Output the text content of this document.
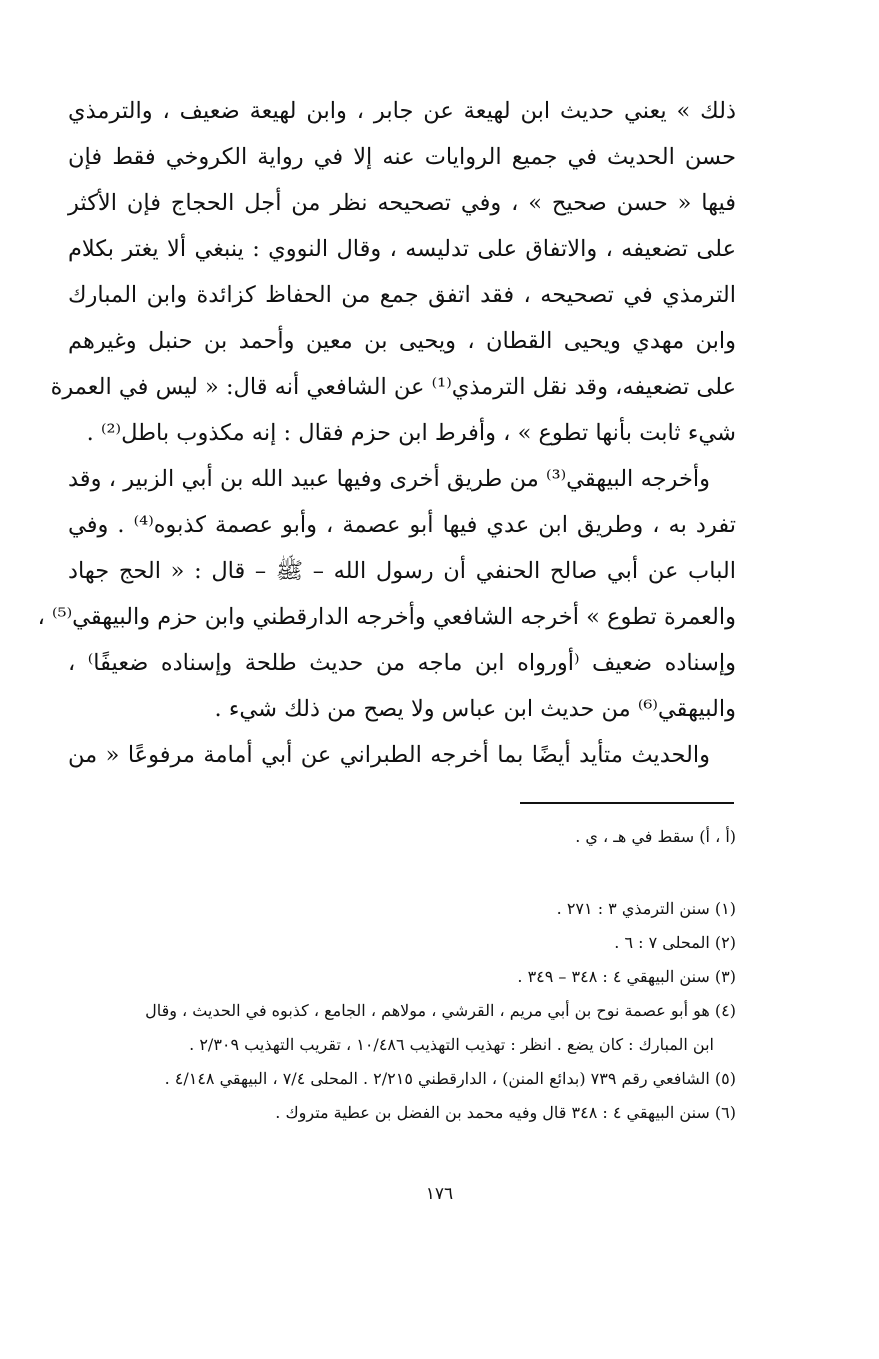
ذلك » يعني حديث ابن لهيعة عن جابر ، وابن لهيعة ضعيف ، والترمذي
حسن الحديث في جميع الروايات عنه إلا في رواية الكروخي فقط فإن
فيها « حسن صحيح » ، وفي تصحيحه نظر من أجل الحجاج فإن الأكثر
على تضعيفه ، والاتفاق على تدليسه ، وقال النووي : ينبغي ألا يغتر بكلام
الترمذي في تصحيحه ، فقد اتفق جمع من الحفاظ كزائدة وابن المبارك
وابن مهدي ويحيى القطان ، ويحيى بن معين وأحمد بن حنبل وغيرهم
على تضعيفه، وقد نقل الترمذي⁽¹⁾ عن الشافعي أنه قال: « ليس في العمرة
شيء ثابت بأنها تطوع » ، وأفرط ابن حزم فقال : إنه مكذوب باطل⁽²⁾ .
وأخرجه البيهقي⁽³⁾ من طريق أخرى وفيها عبيد الله بن أبي الزبير ، وقد
تفرد به ، وطريق ابن عدي فيها أبو عصمة ، وأبو عصمة كذبوه⁽⁴⁾ . وفي
الباب عن أبي صالح الحنفي أن رسول الله – ﷺ – قال : « الحج جهاد
والعمرة تطوع » أخرجه الشافعي وأخرجه الدارقطني وابن حزم والبيهقي⁽⁵⁾ ،
وإسناده ضعيف ⁽أورواه ابن ماجه من حديث طلحة وإسناده ضعيفًا⁾ ،
والبيهقي⁽⁶⁾ من حديث ابن عباس ولا يصح من ذلك شيء .
والحديث متأيد أيضًا بما أخرجه الطبراني عن أبي أمامة مرفوعًا « من
(أ ، أ) سقط في هـ ، ي .
(١) سنن الترمذي ٣ : ٢٧١ .
(٢) المحلى ٧ : ٦ .
(٣) سنن البيهقي ٤ : ٣٤٨ – ٣٤٩ .
(٤) هو أبو عصمة نوح بن أبي مريم ، القرشي ، مولاهم ، الجامع ، كذبوه في الحديث ، وقال
ابن المبارك : كان يضع . انظر : تهذيب التهذيب ١٠/٤٨٦ ، تقريب التهذيب ٢/٣٠٩ .
(٥) الشافعي رقم ٧٣٩ (بدائع المنن) ، الدارقطني ٢/٢١٥ . المحلى ٧/٤ ، البيهقي ٤/١٤٨ .
(٦) سنن البيهقي ٤ : ٣٤٨ قال وفيه محمد بن الفضل بن عطية متروك .
١٧٦
